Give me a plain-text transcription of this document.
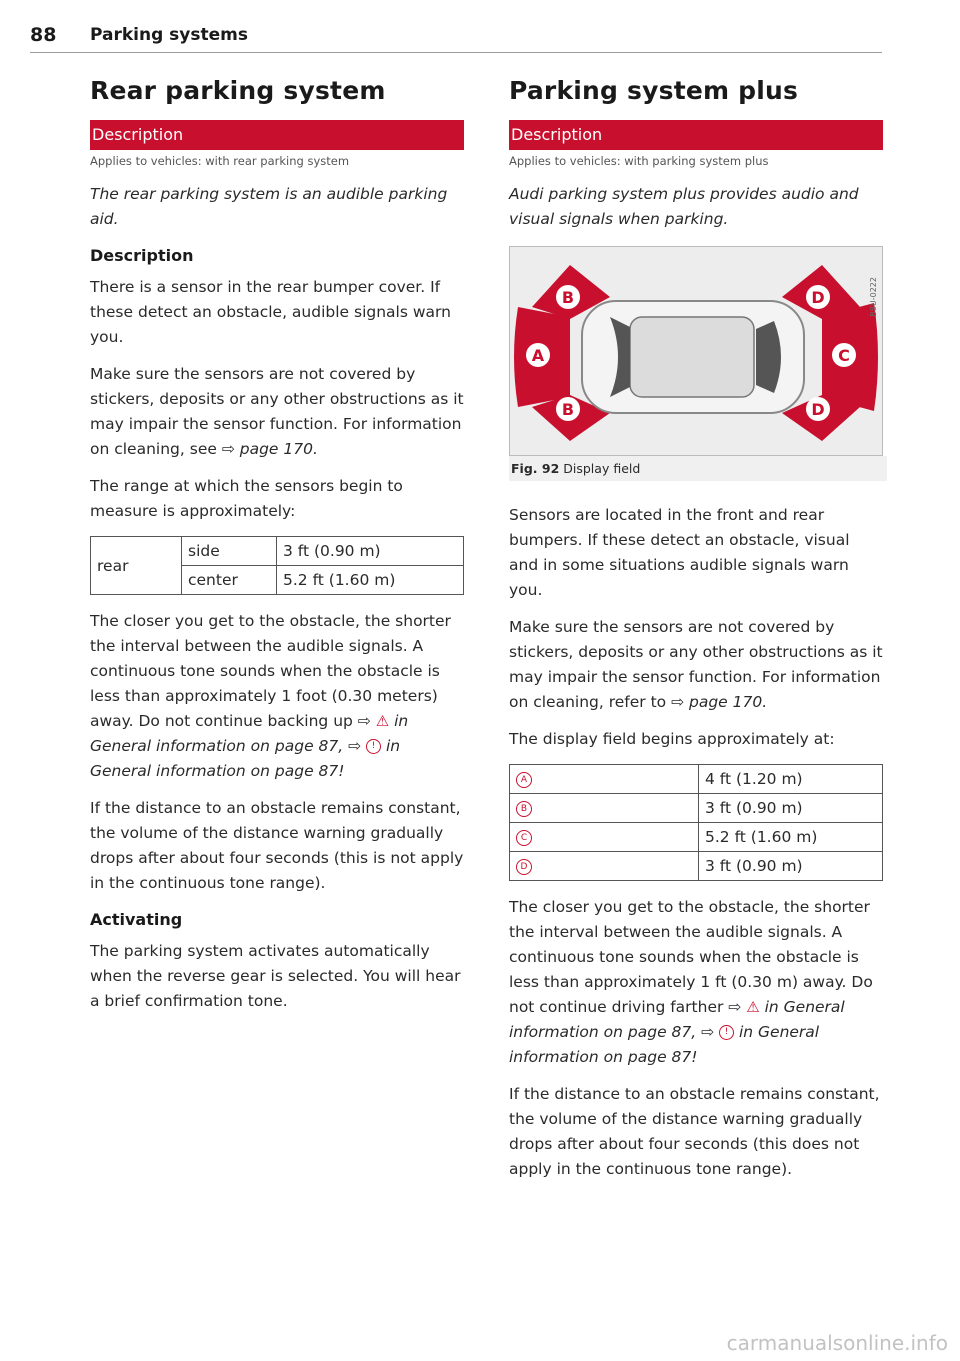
88 Parking systems
Rear parking system
Description
Applies to vehicles: with rear parking system

The rear parking system is an audible parking aid.

Description

There is a sensor in the rear bumper cover. If these detect an obstacle, audible signals warn you.

Make sure the sensors are not covered by stickers, deposits or any other obstructions as it may impair the sensor function. For information on cleaning, see ⇨ page 170.

The range at which the sensors begin to measure is approximately:

rear	side	3 ft (0.90 m)
	center	5.2 ft (1.60 m)

The closer you get to the obstacle, the shorter the interval between the audible signals. A continuous tone sounds when the obstacle is less than approximately 1 foot (0.30 meters) away. Do not continue backing up ⇨ ⚠ in General information on page 87, ⇨ ! in General information on page 87!

If the distance to an obstacle remains constant, the volume of the distance warning gradually drops after about four seconds (this is not apply in the continuous tone range).

Activating

The parking system activates automatically when the reverse gear is selected. You will hear a brief confirmation tone.

Parking system plus
Description
Applies to vehicles: with parking system plus

Audi parking system plus provides audio and visual signals when parking.

A
B
B
C
D
D
B8U-0222
Fig. 92 Display field

Sensors are located in the front and rear bumpers. If these detect an obstacle, visual and in some situations audible signals warn you.

Make sure the sensors are not covered by stickers, deposits or any other obstructions as it may impair the sensor function. For information on cleaning, refer to ⇨ page 170.

The display field begins approximately at:

A	4 ft (1.20 m)
B	3 ft (0.90 m)
C	5.2 ft (1.60 m)
D	3 ft (0.90 m)

The closer you get to the obstacle, the shorter the interval between the audible signals. A continuous tone sounds when the obstacle is less than approximately 1 ft (0.30 m) away. Do not continue driving farther ⇨ ⚠ in General information on page 87, ⇨ ! in General information on page 87!

If the distance to an obstacle remains constant, the volume of the distance warning gradually drops after about four seconds (this does not apply in the continuous tone range).

carmanualsonline.info
